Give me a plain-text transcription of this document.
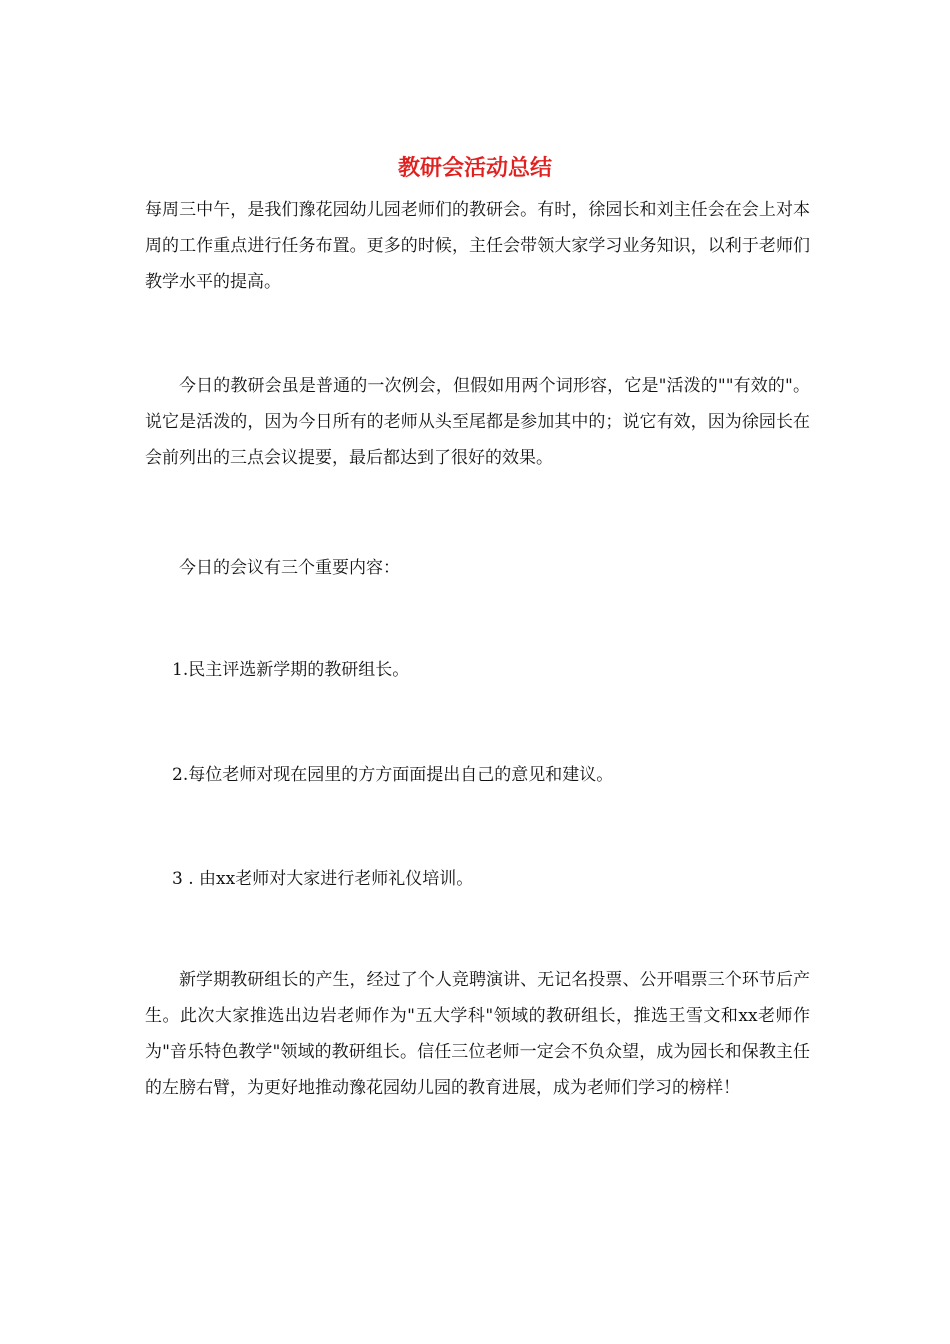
教研会活动总结

每周三中午，是我们豫花园幼儿园老师们的教研会。有时，徐园长和刘主任会在会上对本周的工作重点进行任务布置。更多的时候，主任会带领大家学习业务知识，以利于老师们教学水平的提高。

今日的教研会虽是普通的一次例会，但假如用两个词形容，它是"活泼的""有效的"。说它是活泼的，因为今日所有的老师从头至尾都是参加其中的；说它有效，因为徐园长在会前列出的三点会议提要，最后都达到了很好的效果。

今日的会议有三个重要内容：

1.民主评选新学期的教研组长。

2.每位老师对现在园里的方方面面提出自己的意见和建议。

3 . 由xx老师对大家进行老师礼仪培训。

新学期教研组长的产生，经过了个人竞聘演讲、无记名投票、公开唱票三个环节后产生。此次大家推选出边岩老师作为"五大学科"领域的教研组长，推选王雪文和xx老师作为"音乐特色教学"领域的教研组长。信任三位老师一定会不负众望，成为园长和保教主任的左膀右臂，为更好地推动豫花园幼儿园的教育进展，成为老师们学习的榜样！
